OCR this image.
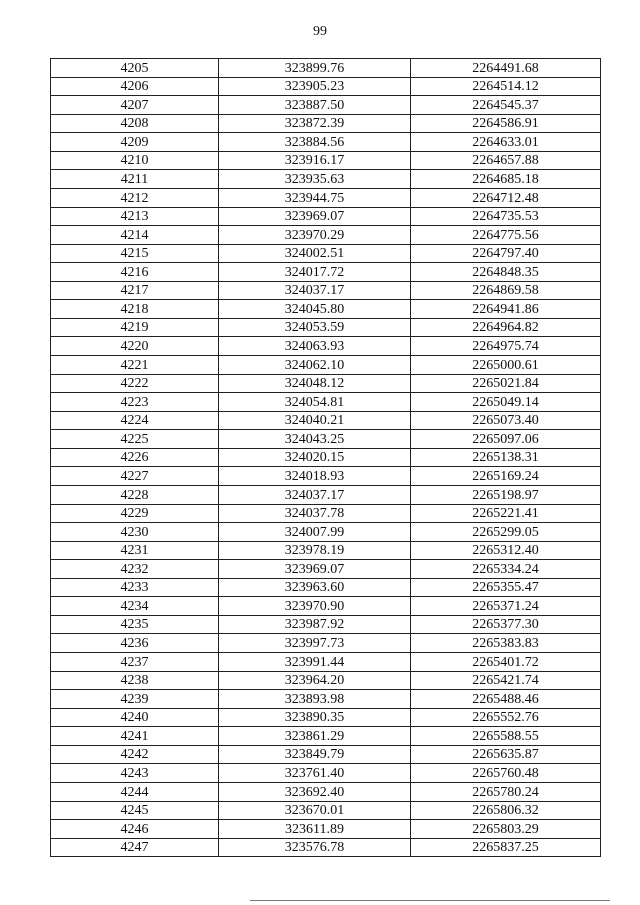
99
4205	323899.76	2264491.68
4206	323905.23	2264514.12
4207	323887.50	2264545.37
4208	323872.39	2264586.91
4209	323884.56	2264633.01
4210	323916.17	2264657.88
4211	323935.63	2264685.18
4212	323944.75	2264712.48
4213	323969.07	2264735.53
4214	323970.29	2264775.56
4215	324002.51	2264797.40
4216	324017.72	2264848.35
4217	324037.17	2264869.58
4218	324045.80	2264941.86
4219	324053.59	2264964.82
4220	324063.93	2264975.74
4221	324062.10	2265000.61
4222	324048.12	2265021.84
4223	324054.81	2265049.14
4224	324040.21	2265073.40
4225	324043.25	2265097.06
4226	324020.15	2265138.31
4227	324018.93	2265169.24
4228	324037.17	2265198.97
4229	324037.78	2265221.41
4230	324007.99	2265299.05
4231	323978.19	2265312.40
4232	323969.07	2265334.24
4233	323963.60	2265355.47
4234	323970.90	2265371.24
4235	323987.92	2265377.30
4236	323997.73	2265383.83
4237	323991.44	2265401.72
4238	323964.20	2265421.74
4239	323893.98	2265488.46
4240	323890.35	2265552.76
4241	323861.29	2265588.55
4242	323849.79	2265635.87
4243	323761.40	2265760.48
4244	323692.40	2265780.24
4245	323670.01	2265806.32
4246	323611.89	2265803.29
4247	323576.78	2265837.25
